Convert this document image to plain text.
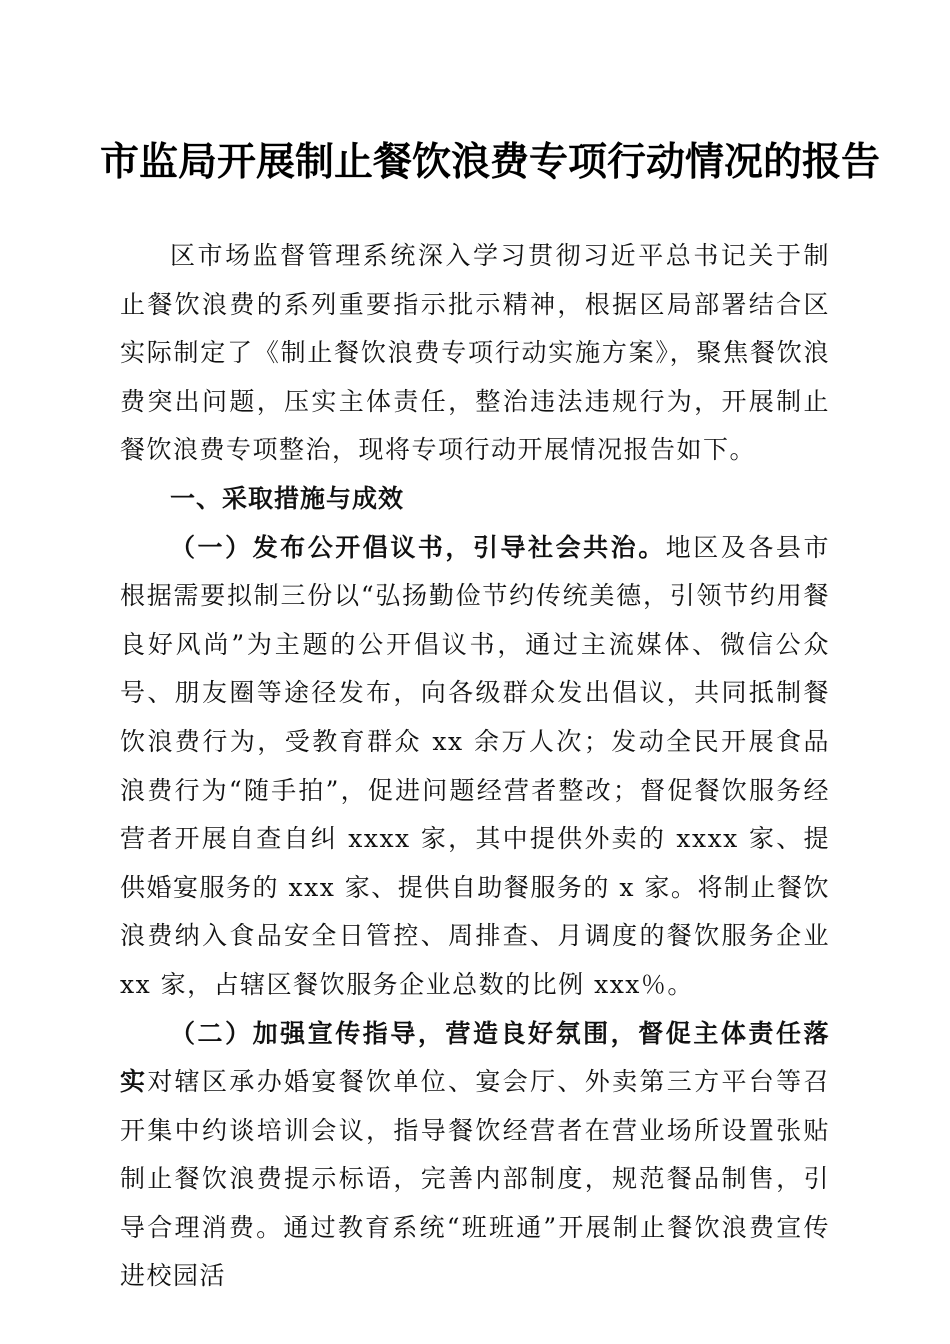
市监局开展制止餐饮浪费专项行动情况的报告

区市场监督管理系统深入学习贯彻习近平总书记关于制止餐饮浪费的系列重要指示批示精神，根据区局部署结合区实际制定了《制止餐饮浪费专项行动实施方案》，聚焦餐饮浪费突出问题，压实主体责任，整治违法违规行为，开展制止餐饮浪费专项整治，现将专项行动开展情况报告如下。

一、采取措施与成效

（一）发布公开倡议书，引导社会共治。地区及各县市根据需要拟制三份以“弘扬勤俭节约传统美德，引领节约用餐良好风尚”为主题的公开倡议书，通过主流媒体、微信公众号、朋友圈等途径发布，向各级群众发出倡议，共同抵制餐饮浪费行为，受教育群众 xx 余万人次；发动全民开展食品浪费行为“随手拍”，促进问题经营者整改；督促餐饮服务经营者开展自查自纠 xxxx 家，其中提供外卖的 xxxx 家、提供婚宴服务的 xxx 家、提供自助餐服务的 x 家。将制止餐饮浪费纳入食品安全日管控、周排查、月调度的餐饮服务企业 xx 家，占辖区餐饮服务企业总数的比例 xxx％。

（二）加强宣传指导，营造良好氛围，督促主体责任落实对辖区承办婚宴餐饮单位、宴会厅、外卖第三方平台等召开集中约谈培训会议，指导餐饮经营者在营业场所设置张贴制止餐饮浪费提示标语，完善内部制度，规范餐品制售，引导合理消费。通过教育系统“班班通”开展制止餐饮浪费宣传进校园活
